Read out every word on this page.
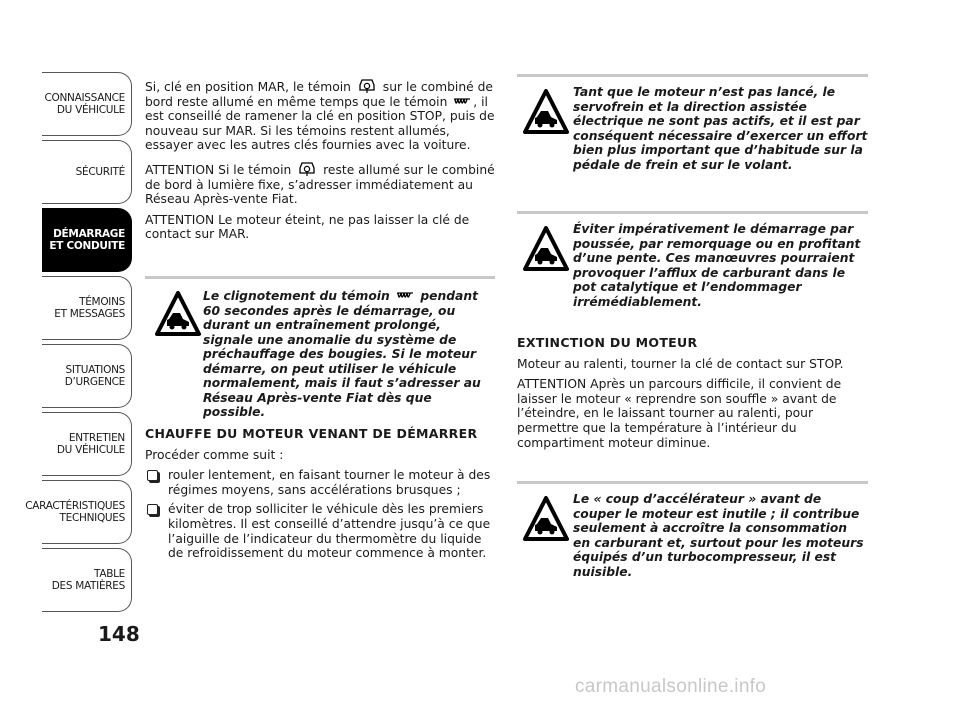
CONNAISSANCE
DU VÉHICULE
SÉCURITÉ
DÉMARRAGE
ET CONDUITE
TÉMOINS
ET MESSAGES
SITUATIONS
D’URGENCE
ENTRETIEN
DU VÉHICULE
CARACTÉRISTIQUES
TECHNIQUES
TABLE
DES MATIÈRES
148

Si, clé en position MAR, le témoin	sur le combiné de bord reste allumé en même temps que le témoin , il est conseillé de ramener la clé en position STOP, puis de nouveau sur MAR. Si les témoins restent allumés, essayer avec les autres clés fournies avec la voiture.

ATTENTION Si le témoin	reste allumé sur le combiné de bord à lumière fixe, s’adresser immédiatement au Réseau Après-vente Fiat.

ATTENTION Le moteur éteint, ne pas laisser la clé de contact sur MAR.

Le clignotement du témoin pendant 60 secondes après le démarrage, ou durant un entraînement prolongé, signale une anomalie du système de préchauffage des bougies. Si le moteur démarre, on peut utiliser le véhicule normalement, mais il faut s’adresser au Réseau Après-vente Fiat dès que possible.
CHAUFFE DU MOTEUR VENANT DE DÉMARRER

Procéder comme suit :

rouler lentement, en faisant tourner le moteur à des régimes moyens, sans accélérations brusques ;
éviter de trop solliciter le véhicule dès les premiers kilomètres. Il est conseillé d’attendre jusqu’à ce que l’aiguille de l’indicateur du thermomètre du liquide de refroidissement du moteur commence à monter.
Tant que le moteur n’est pas lancé, le servofrein et la direction assistée électrique ne sont pas actifs, et il est par conséquent nécessaire d’exercer un effort bien plus important que d’habitude sur la pédale de frein et sur le volant.
Éviter impérativement le démarrage par poussée, par remorquage ou en profitant d’une pente. Ces manœuvres pourraient provoquer l’afflux de carburant dans le pot catalytique et l’endommager irrémédiablement.
EXTINCTION DU MOTEUR

Moteur au ralenti, tourner la clé de contact sur STOP.

ATTENTION Après un parcours difficile, il convient de laisser le moteur « reprendre son souffle » avant de l’éteindre, en le laissant tourner au ralenti, pour permettre que la température à l’intérieur du compartiment moteur diminue.

Le « coup d’accélérateur » avant de couper le moteur est inutile ; il contribue seulement à accroître la consommation en carburant et, surtout pour les moteurs équipés d’un turbocompresseur, il est nuisible.
carmanualsonline.info
